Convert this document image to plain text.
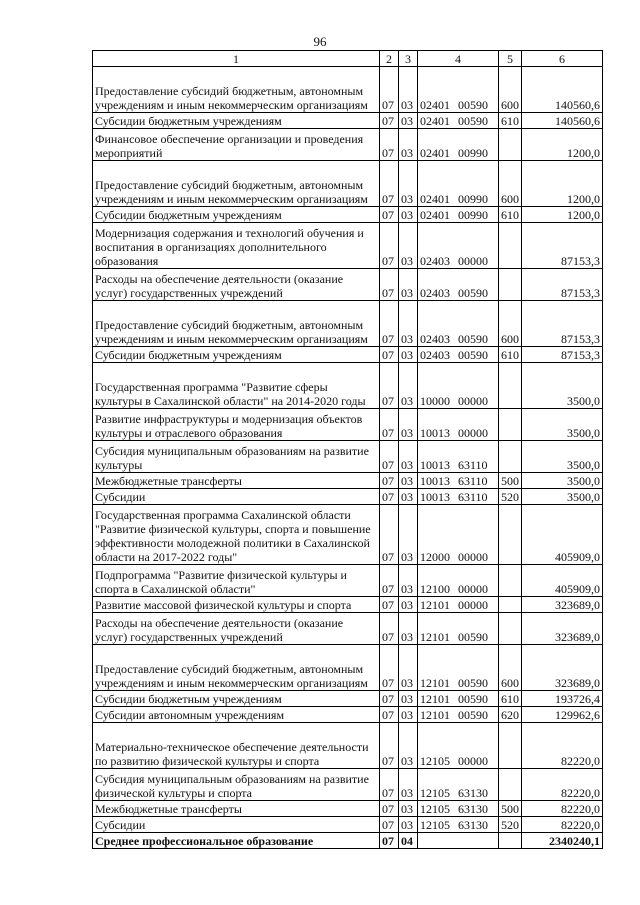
96
1	2	3	4	5	6
Предоставление субсидий бюджетным, автономным учреждениям и иным некоммерческим организациям	07	03	02401 00590	600	140560,6
Субсидии бюджетным учреждениям	07	03	02401 00590	610	140560,6
Финансовое обеспечение организации и проведения мероприятий	07	03	02401 00990		1200,0
Предоставление субсидий бюджетным, автономным учреждениям и иным некоммерческим организациям	07	03	02401 00990	600	1200,0
Субсидии бюджетным учреждениям	07	03	02401 00990	610	1200,0
Модернизация содержания и технологий обучения и воспитания в организациях дополнительного образования	07	03	02403 00000		87153,3
Расходы на обеспечение деятельности (оказание услуг) государственных учреждений	07	03	02403 00590		87153,3
Предоставление субсидий бюджетным, автономным учреждениям и иным некоммерческим организациям	07	03	02403 00590	600	87153,3
Субсидии бюджетным учреждениям	07	03	02403 00590	610	87153,3
Государственная программа "Развитие сферы культуры в Сахалинской области" на 2014-2020 годы	07	03	10000 00000		3500,0
Развитие инфраструктуры и модернизация объектов культуры и отраслевого образования	07	03	10013 00000		3500,0
Субсидия муниципальным образованиям на развитие культуры	07	03	10013 63110		3500,0
Межбюджетные трансферты	07	03	10013 63110	500	3500,0
Субсидии	07	03	10013 63110	520	3500,0
Государственная программа Сахалинской области "Развитие физической культуры, спорта и повышение эффективности молодежной политики в Сахалинской области на 2017-2022 годы"	07	03	12000 00000		405909,0
Подпрограмма "Развитие физической культуры и спорта в Сахалинской области"	07	03	12100 00000		405909,0
Развитие массовой физической культуры и спорта	07	03	12101 00000		323689,0
Расходы на обеспечение деятельности (оказание услуг) государственных учреждений	07	03	12101 00590		323689,0
Предоставление субсидий бюджетным, автономным учреждениям и иным некоммерческим организациям	07	03	12101 00590	600	323689,0
Субсидии бюджетным учреждениям	07	03	12101 00590	610	193726,4
Субсидии автономным учреждениям	07	03	12101 00590	620	129962,6
Материально-техническое обеспечение деятельности по развитию физической культуры и спорта	07	03	12105 00000		82220,0
Субсидия муниципальным образованиям на развитие физической культуры и спорта	07	03	12105 63130		82220,0
Межбюджетные трансферты	07	03	12105 63130	500	82220,0
Субсидии	07	03	12105 63130	520	82220,0
Среднее профессиональное образование	07	04			2340240,1
